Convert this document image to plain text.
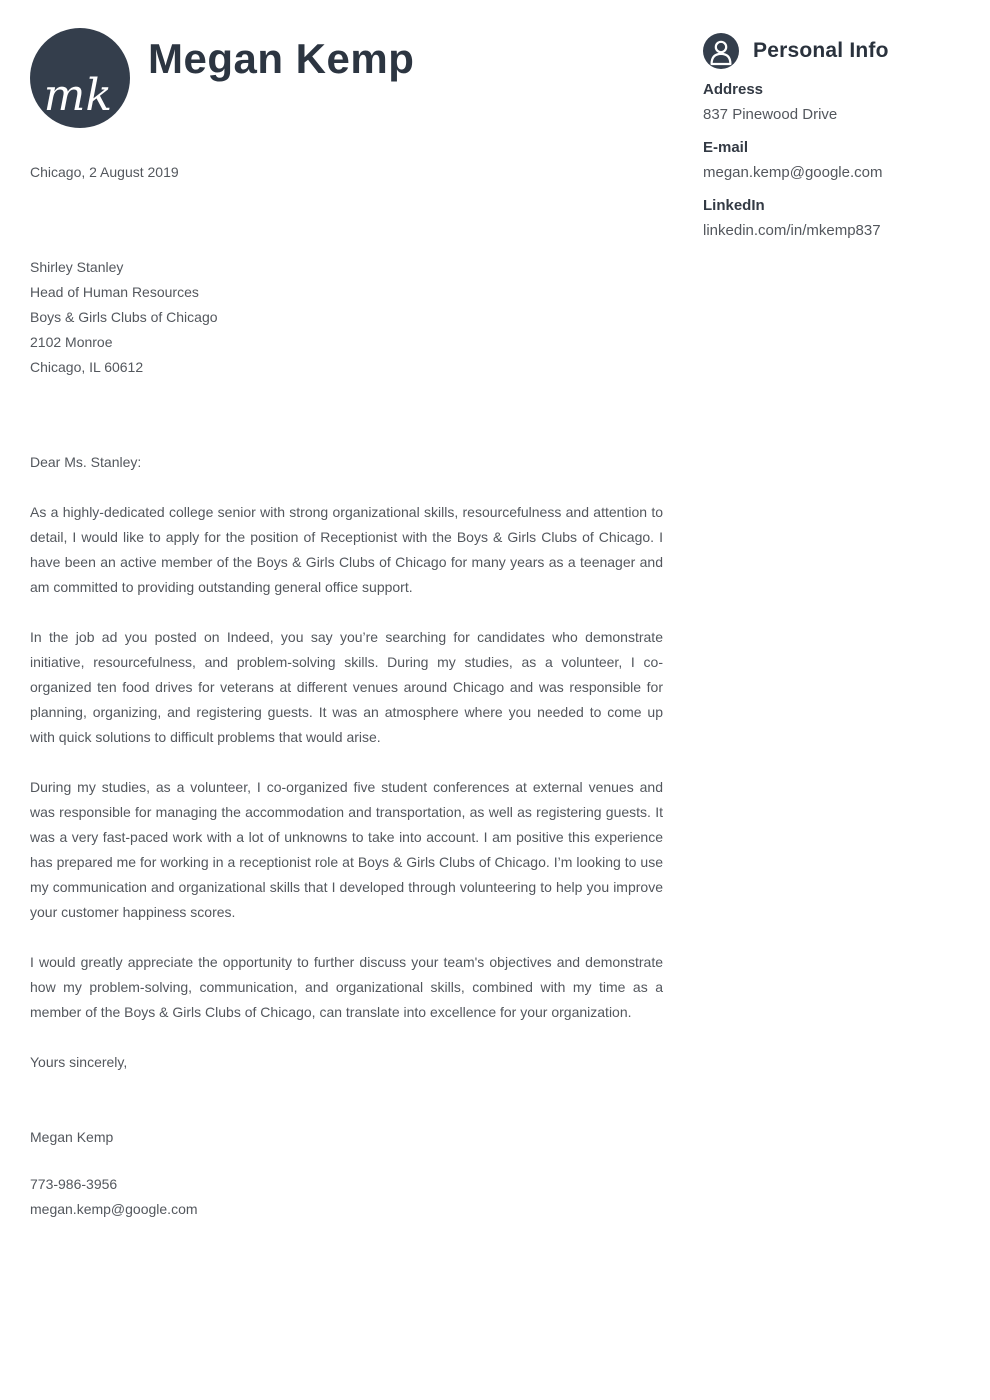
mk
Megan Kemp
Chicago, 2 August 2019
Shirley Stanley
Head of Human Resources
Boys & Girls Clubs of Chicago
2102 Monroe
Chicago, IL 60612
Dear Ms. Stanley:

As a highly-dedicated college senior with strong organizational skills, resourcefulness and attention to detail, I would like to apply for the position of Receptionist with the Boys & Girls Clubs of Chicago. I have been an active member of the Boys & Girls Clubs of Chicago for many years as a teenager and am committed to providing outstanding general office support.

In the job ad you posted on Indeed, you say you’re searching for candidates who demonstrate initiative, resourcefulness, and problem-solving skills. During my studies, as a volunteer, I co-organized ten food drives for veterans at different venues around Chicago and was responsible for planning, organizing, and registering guests. It was an atmosphere where you needed to come up with quick solutions to difficult problems that would arise.

During my studies, as a volunteer, I co-organized five student conferences at external venues and was responsible for managing the accommodation and transportation, as well as registering guests. It was a very fast-paced work with a lot of unknowns to take into account. I am positive this experience has prepared me for working in a receptionist role at Boys & Girls Clubs of Chicago. I’m looking to use my communication and organizational skills that I developed through volunteering to help you improve your customer happiness scores.

I would greatly appreciate the opportunity to further discuss your team's objectives and demonstrate how my problem-solving, communication, and organizational skills, combined with my time as a member of the Boys & Girls Clubs of Chicago, can translate into excellence for your organization.

Yours sincerely,
Megan Kemp
773-986-3956
megan.kemp@google.com
Personal Info
Address
837 Pinewood Drive
E-mail
megan.kemp@google.com
LinkedIn
linkedin.com/in/mkemp837
